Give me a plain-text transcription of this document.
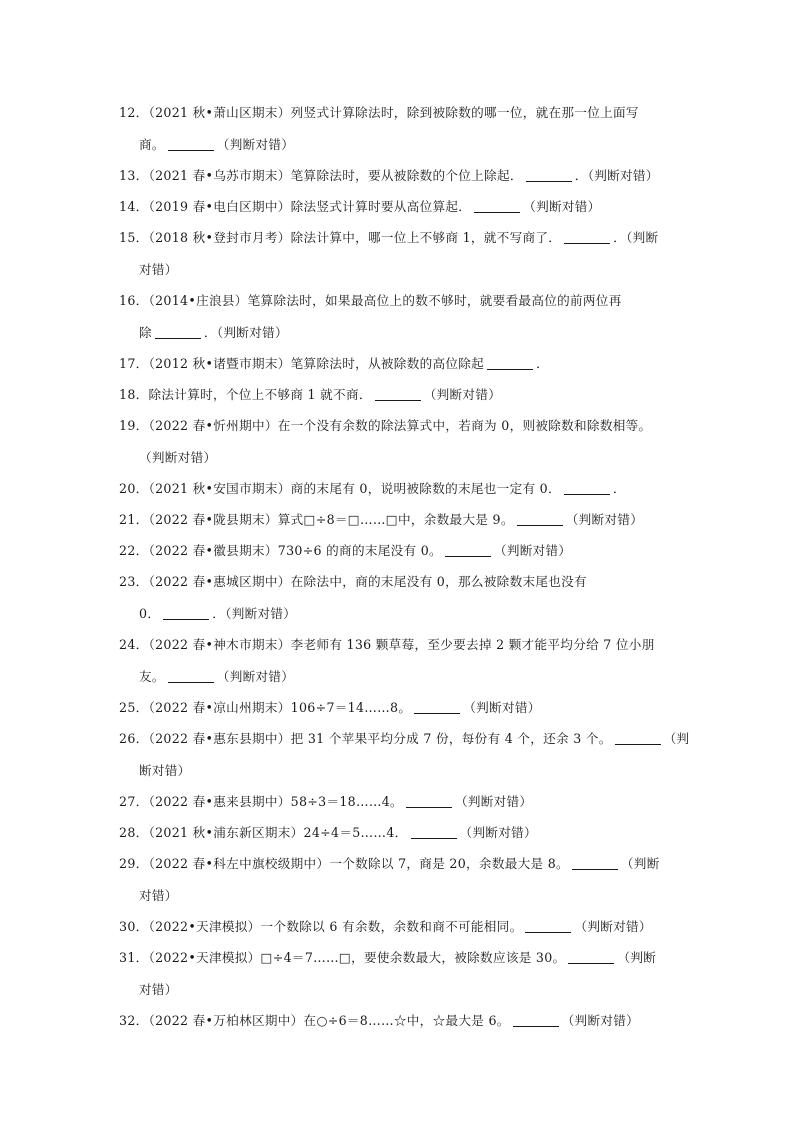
12．（2021 秋•萧山区期末）列竖式计算除法时，除到被除数的哪一位，就在那一位上面写
商。	（判断对错）
13．（2021 春•乌苏市期末）笔算除法时，要从被除数的个位上除起．	．（判断对错）
14．（2019 春•电白区期中）除法竖式计算时要从高位算起．	（判断对错）
15．（2018 秋•登封市月考）除法计算中，哪一位上不够商 1，就不写商了．	．（判断
对错）
16．（2014•庄浪县）笔算除法时，如果最高位上的数不够时，就要看最高位的前两位再
除	．（判断对错）
17．（2012 秋•诸暨市期末）笔算除法时，从被除数的高位除起	．
18．除法计算时，个位上不够商 1 就不商．	（判断对错）
19．（2022 春•忻州期中）在一个没有余数的除法算式中，若商为 0，则被除数和除数相等。
（判断对错）
20．（2021 秋•安国市期末）商的末尾有 0，说明被除数的末尾也一定有 0．	．
21．（2022 春•陇县期末）算式□÷8＝□……□中，余数最大是 9。	（判断对错）
22．（2022 春•徽县期末）730÷6 的商的末尾没有 0。	（判断对错）
23．（2022 春•惠城区期中）在除法中，商的末尾没有 0，那么被除数末尾也没有
0．	．（判断对错）
24．（2022 春•神木市期末）李老师有 136 颗草莓，至少要去掉 2 颗才能平均分给 7 位小朋
友。	（判断对错）
25．（2022 春•凉山州期末）106÷7＝14……8。	（判断对错）
26．（2022 春•惠东县期中）把 31 个苹果平均分成 7 份，每份有 4 个，还余 3 个。	（判
断对错）
27．（2022 春•惠来县期中）58÷3＝18……4。	（判断对错）
28．（2021 秋•浦东新区期末）24÷4＝5……4．	（判断对错）
29．（2022 春•科左中旗校级期中）一个数除以 7，商是 20，余数最大是 8。	（判断
对错）
30．（2022•天津模拟）一个数除以 6 有余数，余数和商不可能相同。	（判断对错）
31．（2022•天津模拟）□÷4＝7……□，要使余数最大，被除数应该是 30。	（判断
对错）
32．（2022 春•万柏林区期中）在○÷6＝8……☆中，☆最大是 6。	（判断对错）
